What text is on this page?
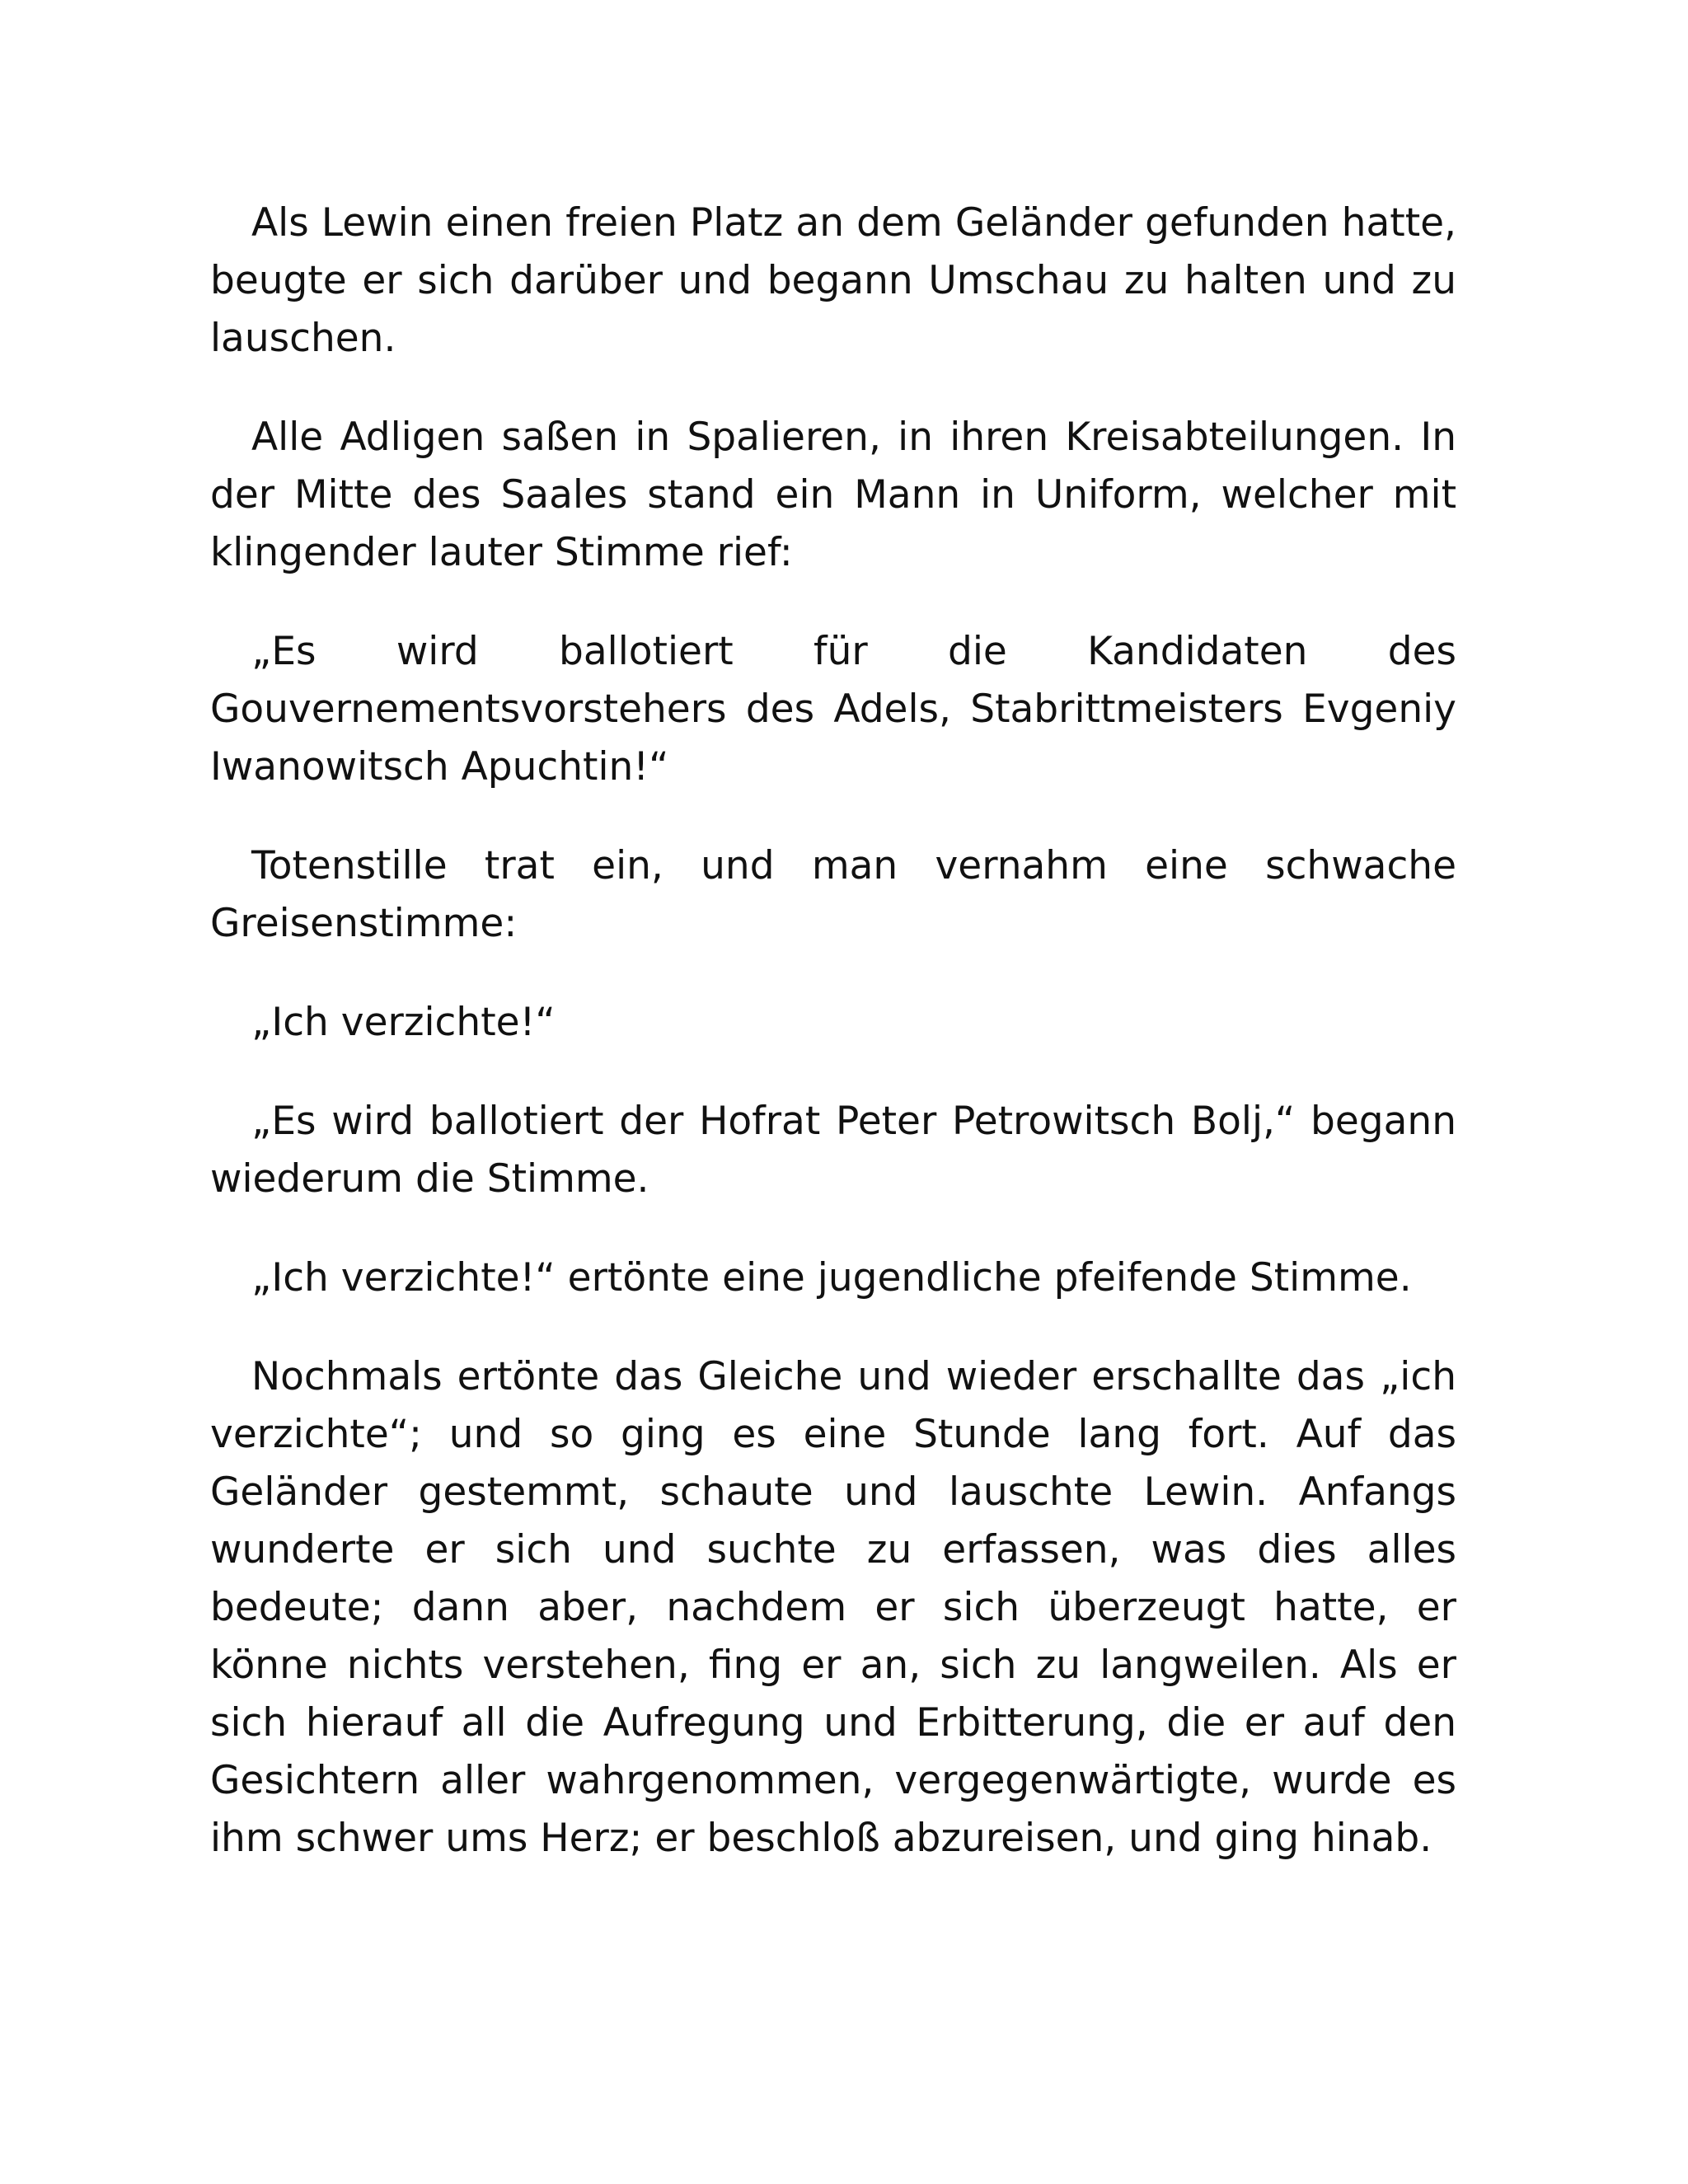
Als Lewin einen freien Platz an dem Geländer gefunden hatte, beugte er sich darüber und begann Umschau zu halten und zu lauschen.

Alle Adligen saßen in Spalieren, in ihren Kreisabteilungen. In der Mitte des Saales stand ein Mann in Uniform, welcher mit klingender lauter Stimme rief:

„Es wird ballotiert für die Kandidaten des Gouvernementsvorstehers des Adels, Stabrittmeisters Evgeniy Iwanowitsch Apuchtin!“

Totenstille trat ein, und man vernahm eine schwache Greisenstimme:

„Ich verzichte!“

„Es wird ballotiert der Hofrat Peter Petrowitsch Bolj,“ begann wiederum die Stimme.

„Ich verzichte!“ ertönte eine jugendliche pfeifende Stimme.

Nochmals ertönte das Gleiche und wieder erschallte das „ich verzichte“; und so ging es eine Stunde lang fort. Auf das Geländer gestemmt, schaute und lauschte Lewin. Anfangs wunderte er sich und suchte zu erfassen, was dies alles bedeute; dann aber, nachdem er sich überzeugt hatte, er könne nichts verstehen, fing er an, sich zu langweilen. Als er sich hierauf all die Aufregung und Erbitterung, die er auf den Gesichtern aller wahrgenommen, vergegenwärtigte, wurde es ihm schwer ums Herz; er beschloß abzureisen, und ging hinab.
